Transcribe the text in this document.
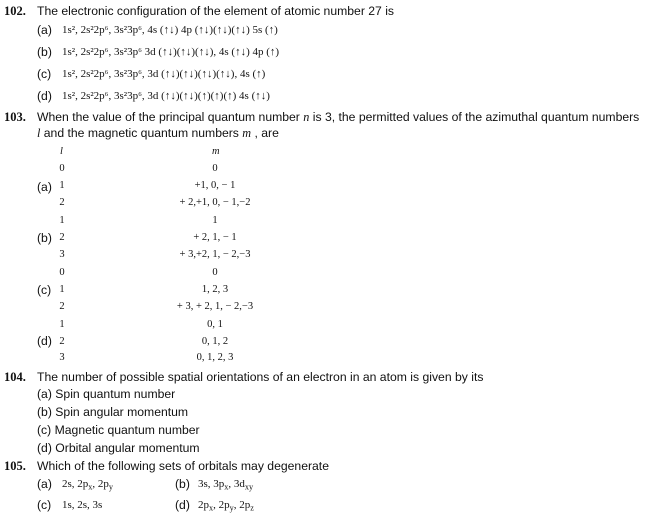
102. The electronic configuration of the element of atomic number 27 is
(a) 1s², 2s²2p⁶, 3s²3p⁶, 4s (↑↓) 4p (↑↓)(↑↓)(↑↓) 5s (↑)
(b) 1s², 2s²2p⁶, 3s²3p⁶ 3d (↑↓)(↑↓)(↑↓), 4s (↑↓) 4p (↑)
(c) 1s², 2s²2p⁶, 3s²3p⁶, 3d (↑↓)(↑↓)(↑↓)(↑↓), 4s (↑)
(d) 1s², 2s²2p⁶, 3s²3p⁶, 3d (↑↓)(↑↓)(↑)(↑)(↑) 4s (↑↓)
103. When the value of the principal quantum number n is 3, the permitted values of the azimuthal quantum numbers
l and the magnetic quantum numbers m , are
l	m
0	0
(a) 1	+1, 0, − 1
2	+ 2,+1, 0, − 1,−2
1	1
(b) 2	+ 2, 1, − 1
3	+ 3,+2, 1, − 2,−3
0	0
(c) 1	1, 2, 3
2	+ 3, + 2, 1, − 2,−3
1	0, 1
(d) 2	0, 1, 2
3	0, 1, 2, 3
104. The number of possible spatial orientations of an electron in an atom is given by its
(a) Spin quantum number
(b) Spin angular momentum
(c) Magnetic quantum number
(d) Orbital angular momentum
105. Which of the following sets of orbitals may degenerate
(a) 2s, $2p_x$, $2p_y$	(b) 3s, $3p_x$, $3d_{xy}$
(c) 1s, 2s, 3s	(d) $2p_x$, $2p_y$, $2p_z$
